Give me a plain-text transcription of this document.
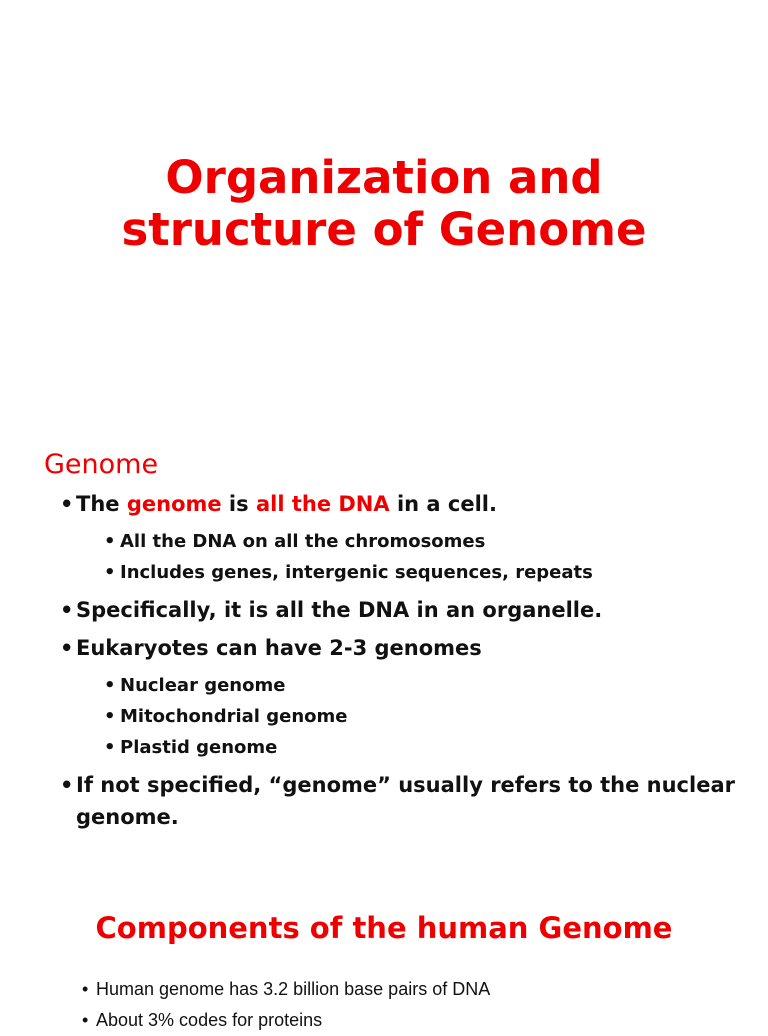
Organization and
structure of Genome
Genome
• The genome is all the DNA in a cell.
• All the DNA on all the chromosomes
• Includes genes, intergenic sequences, repeats
• Specifically, it is all the DNA in an organelle.
• Eukaryotes can have 2-3 genomes
• Nuclear genome
• Mitochondrial genome
• Plastid genome
• If not specified, “genome” usually refers to the nuclear genome.
Components of the human Genome
• Human genome has 3.2 billion base pairs of DNA
• About 3% codes for proteins
